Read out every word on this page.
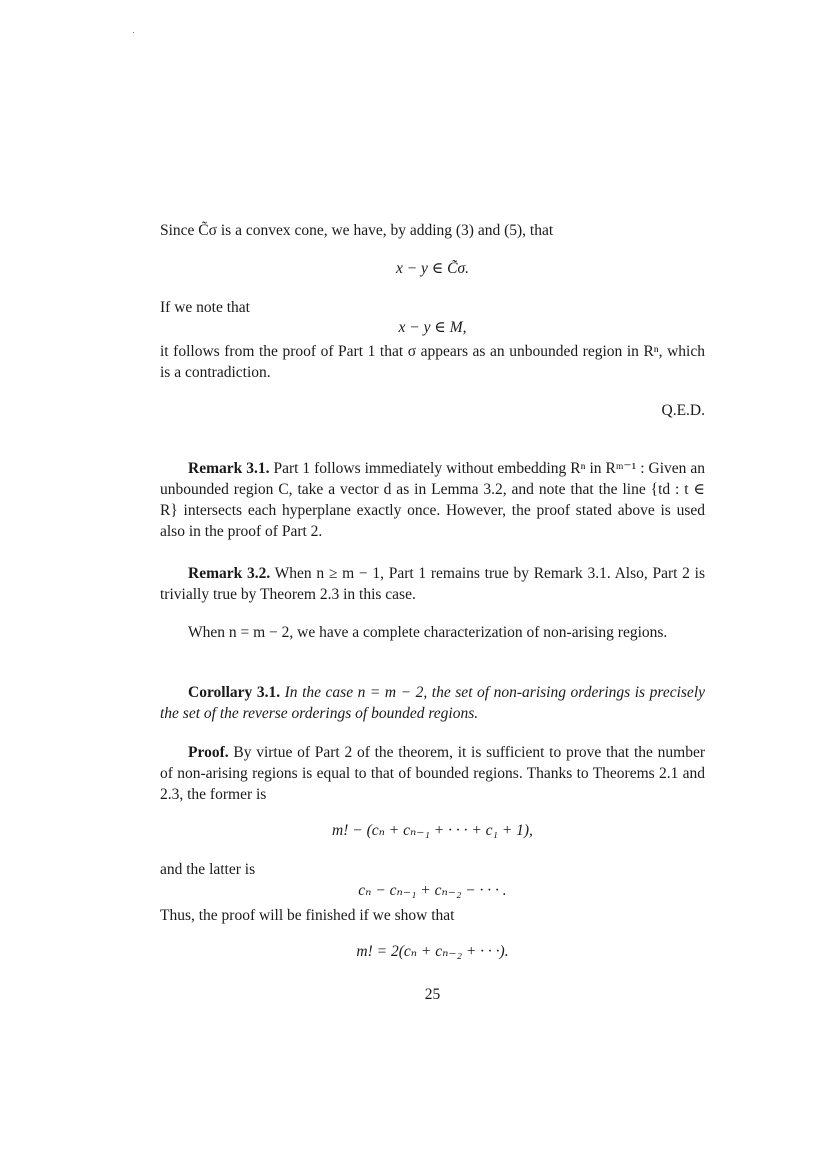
Since C̃σ is a convex cone, we have, by adding (3) and (5), that
x − y ∈ C̃σ.
If we note that
x − y ∈ M,
it follows from the proof of Part 1 that σ appears as an unbounded region in Rⁿ, which is a contradiction.
Q.E.D.
Remark 3.1. Part 1 follows immediately without embedding Rⁿ in Rᵐ⁻¹ : Given an unbounded region C, take a vector d as in Lemma 3.2, and note that the line {td : t ∈ R} intersects each hyperplane exactly once. However, the proof stated above is used also in the proof of Part 2.
Remark 3.2. When n ≥ m − 1, Part 1 remains true by Remark 3.1. Also, Part 2 is trivially true by Theorem 2.3 in this case.
When n = m − 2, we have a complete characterization of non-arising regions.
Corollary 3.1. In the case n = m − 2, the set of non-arising orderings is precisely the set of the reverse orderings of bounded regions.
Proof. By virtue of Part 2 of the theorem, it is sufficient to prove that the number of non-arising regions is equal to that of bounded regions. Thanks to Theorems 2.1 and 2.3, the former is
m! − (cₙ + cₙ₋₁ + · · · + c₁ + 1),
and the latter is
cₙ − cₙ₋₁ + cₙ₋₂ − · · · .
Thus, the proof will be finished if we show that
m! = 2(cₙ + cₙ₋₂ + · · ·).
25
